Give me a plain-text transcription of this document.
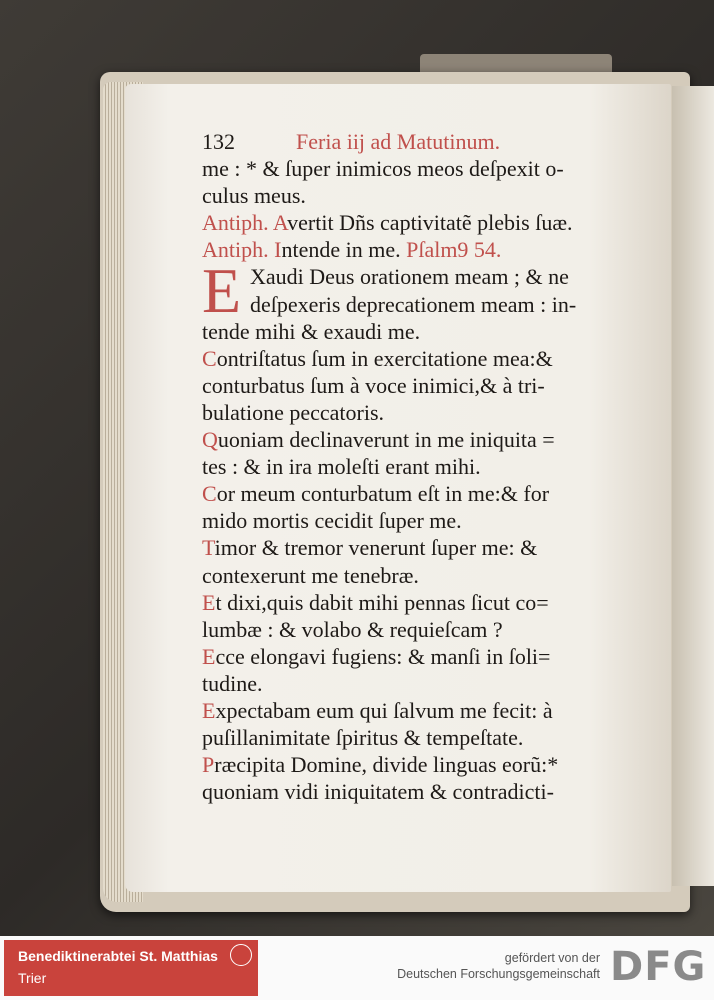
132	Feria iij ad Matutinum.
me : * & ſuper inimicos meos deſpexit o-
culus meus.
Antiph. Avertit Dñs captivitatẽ plebis ſuæ.
Antiph. Intende in me. Pſalm9 54.
E Xaudi Deus orationem meam ; & ne
deſpexeris deprecationem meam : in-
tende mihi & exaudi me.
Contriſtatus ſum in exercitatione mea:&
conturbatus ſum à voce inimici,& à tri-
bulatione peccatoris.
Quoniam declinaverunt in me iniquita =
tes : & in ira moleſti erant mihi.
Cor meum conturbatum eſt in me:& for
mido mortis cecidit ſuper me.
Timor & tremor venerunt ſuper me: &
contexerunt me tenebræ.
Et dixi,quis dabit mihi pennas ſicut co=
lumbæ : & volabo & requieſcam ?
Ecce elongavi fugiens: & manſi in ſoli=
tudine.
Expectabam eum qui ſalvum me fecit: à
puſillanimitate ſpiritus & tempeſtate.
Præcipita Domine, divide linguas eorũ:*
quoniam vidi iniquitatem & contradicti-
Benediktinerabtei St. Matthias
Trier
gefördert von der
Deutschen Forschungsgemeinschaft DFG
